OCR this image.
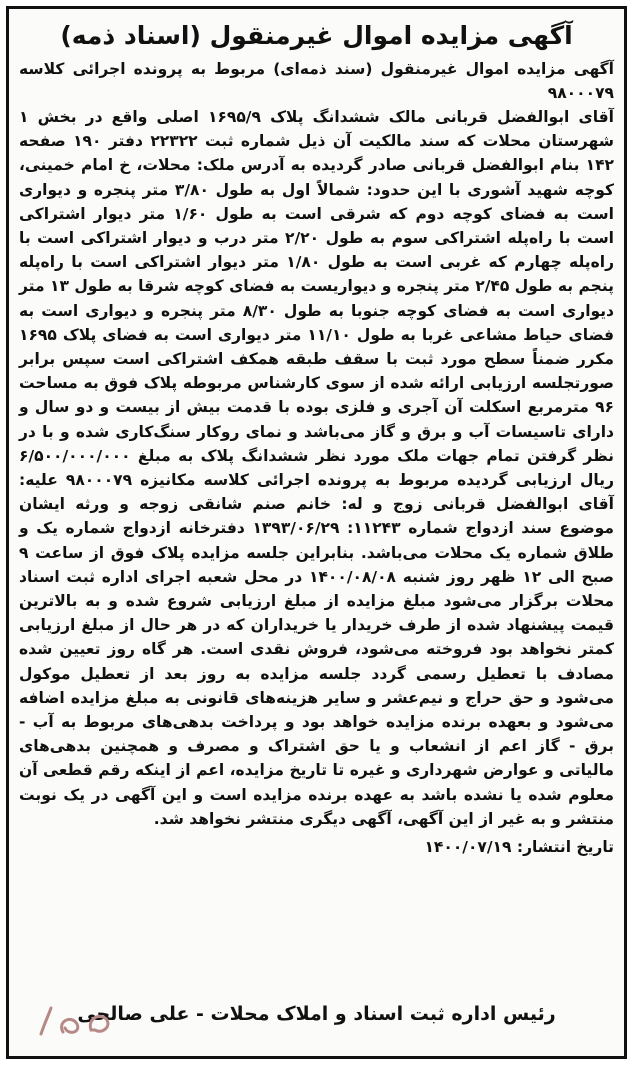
آگهی مزایده اموال غیرمنقول (اسناد ذمه)
آگهی مزایده اموال غیرمنقول (سند ذمه‌ای) مربوط به پرونده اجرائی کلاسه ۹۸۰۰۰۷۹
آقای ابوالفضل قربانی مالک ششدانگ پلاک ۱۶۹۵/۹ اصلی واقع در بخش ۱ شهرستان محلات که سند مالکیت آن ذیل شماره ثبت ۲۲۳۲۲ دفتر ۱۹۰ صفحه ۱۴۲ بنام ابوالفضل قربانی صادر گردیده به آدرس ملک: محلات، خ امام خمینی، کوچه شهید آشوری با این حدود: شمالاً اول به طول ۳/۸۰ متر پنجره و دیواری است به فضای کوچه دوم که شرقی است به طول ۱/۶۰ متر دیوار اشتراکی است با راه‌پله اشتراکی سوم به طول ۲/۲۰ متر درب و دیوار اشتراکی است با راه‌پله چهارم که غربی است به طول ۱/۸۰ متر دیوار اشتراکی است با راه‌پله پنجم به طول ۲/۴۵ متر پنجره و دیواریست به فضای کوچه شرقا به طول ۱۳ متر دیواری است به فضای کوچه جنوبا به طول ۸/۳۰ متر پنجره و دیواری است به فضای حیاط مشاعی غربا به طول ۱۱/۱۰ متر دیواری است به فضای پلاک ۱۶۹۵ مکرر ضمناً سطح مورد ثبت با سقف طبقه همکف اشتراکی است سپس برابر صورتجلسه ارزیابی ارائه شده از سوی کارشناس مربوطه پلاک فوق به مساحت ۹۶ مترمربع اسکلت آن آجری و فلزی بوده با قدمت بیش از بیست و دو سال و دارای تاسیسات آب و برق و گاز می‌باشد و نمای روکار سنگ‌کاری شده و با در نظر گرفتن تمام جهات ملک مورد نظر ششدانگ پلاک به مبلغ ۶/۵۰۰/۰۰۰/۰۰۰ ریال ارزیابی گردیده مربوط به پرونده اجرائی کلاسه مکانیزه ۹۸۰۰۰۷۹ علیه: آقای ابوالفضل قربانی زوج و له: خانم صنم شانقی زوجه و ورثه ایشان موضوع سند ازدواج شماره ۱۱۲۴۳: ۱۳۹۳/۰۶/۲۹ دفترخانه ازدواج شماره یک و طلاق شماره یک محلات می‌باشد. بنابراین جلسه مزایده پلاک فوق از ساعت ۹ صبح الی ۱۲ ظهر روز شنبه ۱۴۰۰/۰۸/۰۸ در محل شعبه اجرای اداره ثبت اسناد محلات برگزار می‌شود مبلغ مزایده از مبلغ ارزیابی شروع شده و به بالاترین قیمت پیشنهاد شده از طرف خریدار یا خریداران که در هر حال از مبلغ ارزیابی کمتر نخواهد بود فروخته می‌شود، فروش نقدی است. هر گاه روز تعیین شده مصادف با تعطیل رسمی گردد جلسه مزایده به روز بعد از تعطیل موکول می‌شود و حق حراج و نیم‌عشر و سایر هزینه‌های قانونی به مبلغ مزایده اضافه می‌شود و بعهده برنده مزایده خواهد بود و پرداخت بدهی‌های مربوط به آب - برق - گاز اعم از انشعاب و یا حق اشتراک و مصرف و همچنین بدهی‌های مالیاتی و عوارض شهرداری و غیره تا تاریخ مزایده، اعم از اینکه رقم قطعی آن معلوم شده یا نشده باشد به عهده برنده مزایده است و این آگهی در یک نوبت منتشر و به غیر از این آگهی، آگهی دیگری منتشر نخواهد شد.
تاریخ انتشار: ۱۴۰۰/۰۷/۱۹
رئیس اداره ثبت اسناد و املاک محلات - علی صالحی
